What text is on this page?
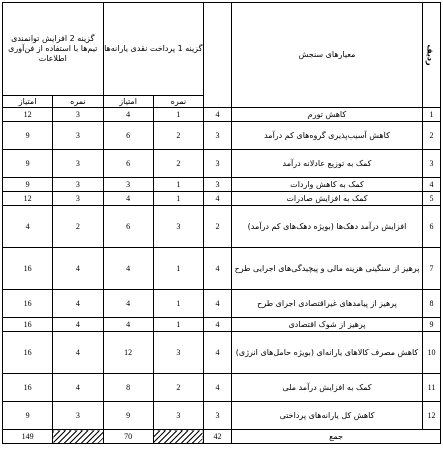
ردیف	معیارهای سنجش		گزینه 1 پرداخت نقدی یارانه‌ها		گزینه 2 افزایش توانمندی تیم‌ها با استفاده از فن‌آوری اطلاعات	
			نمره	امتیاز	نمره	امتیاز
1	کاهش تورم	4	1	4	3	12
2	کاهش آسیب‌پذیری گروه‌های کم درآمد	3	2	6	3	9
3	کمک به توزیع عادلانه درآمد	3	2	6	3	9
4	کمک به کاهش واردات	3	1	3	3	9
5	کمک به افزایش صادرات	4	1	4	3	12
6	افزایش درآمد دهک‌ها (بویژه دهک‌های کم درآمد)	2	3	6	2	4
7	پرهیز از سنگینی هزینه مالی و پیچیدگی‌های اجرایی طرح	4	1	4	4	16
8	پرهیز از پیامدهای غیراقتصادی اجرای طرح	4	1	4	4	16
9	پرهیز از شوک اقتصادی	4	1	4	4	16
10	کاهش مصرف کالاهای یارانه‌ای (بویژه حامل‌های انرژی)	4	3	12	4	16
11	کمک به افزایش درآمد ملی	4	2	8	4	16
12	کاهش کل یارانه‌های پرداختی	3	3	9	3	9
جمع		42		70		149
